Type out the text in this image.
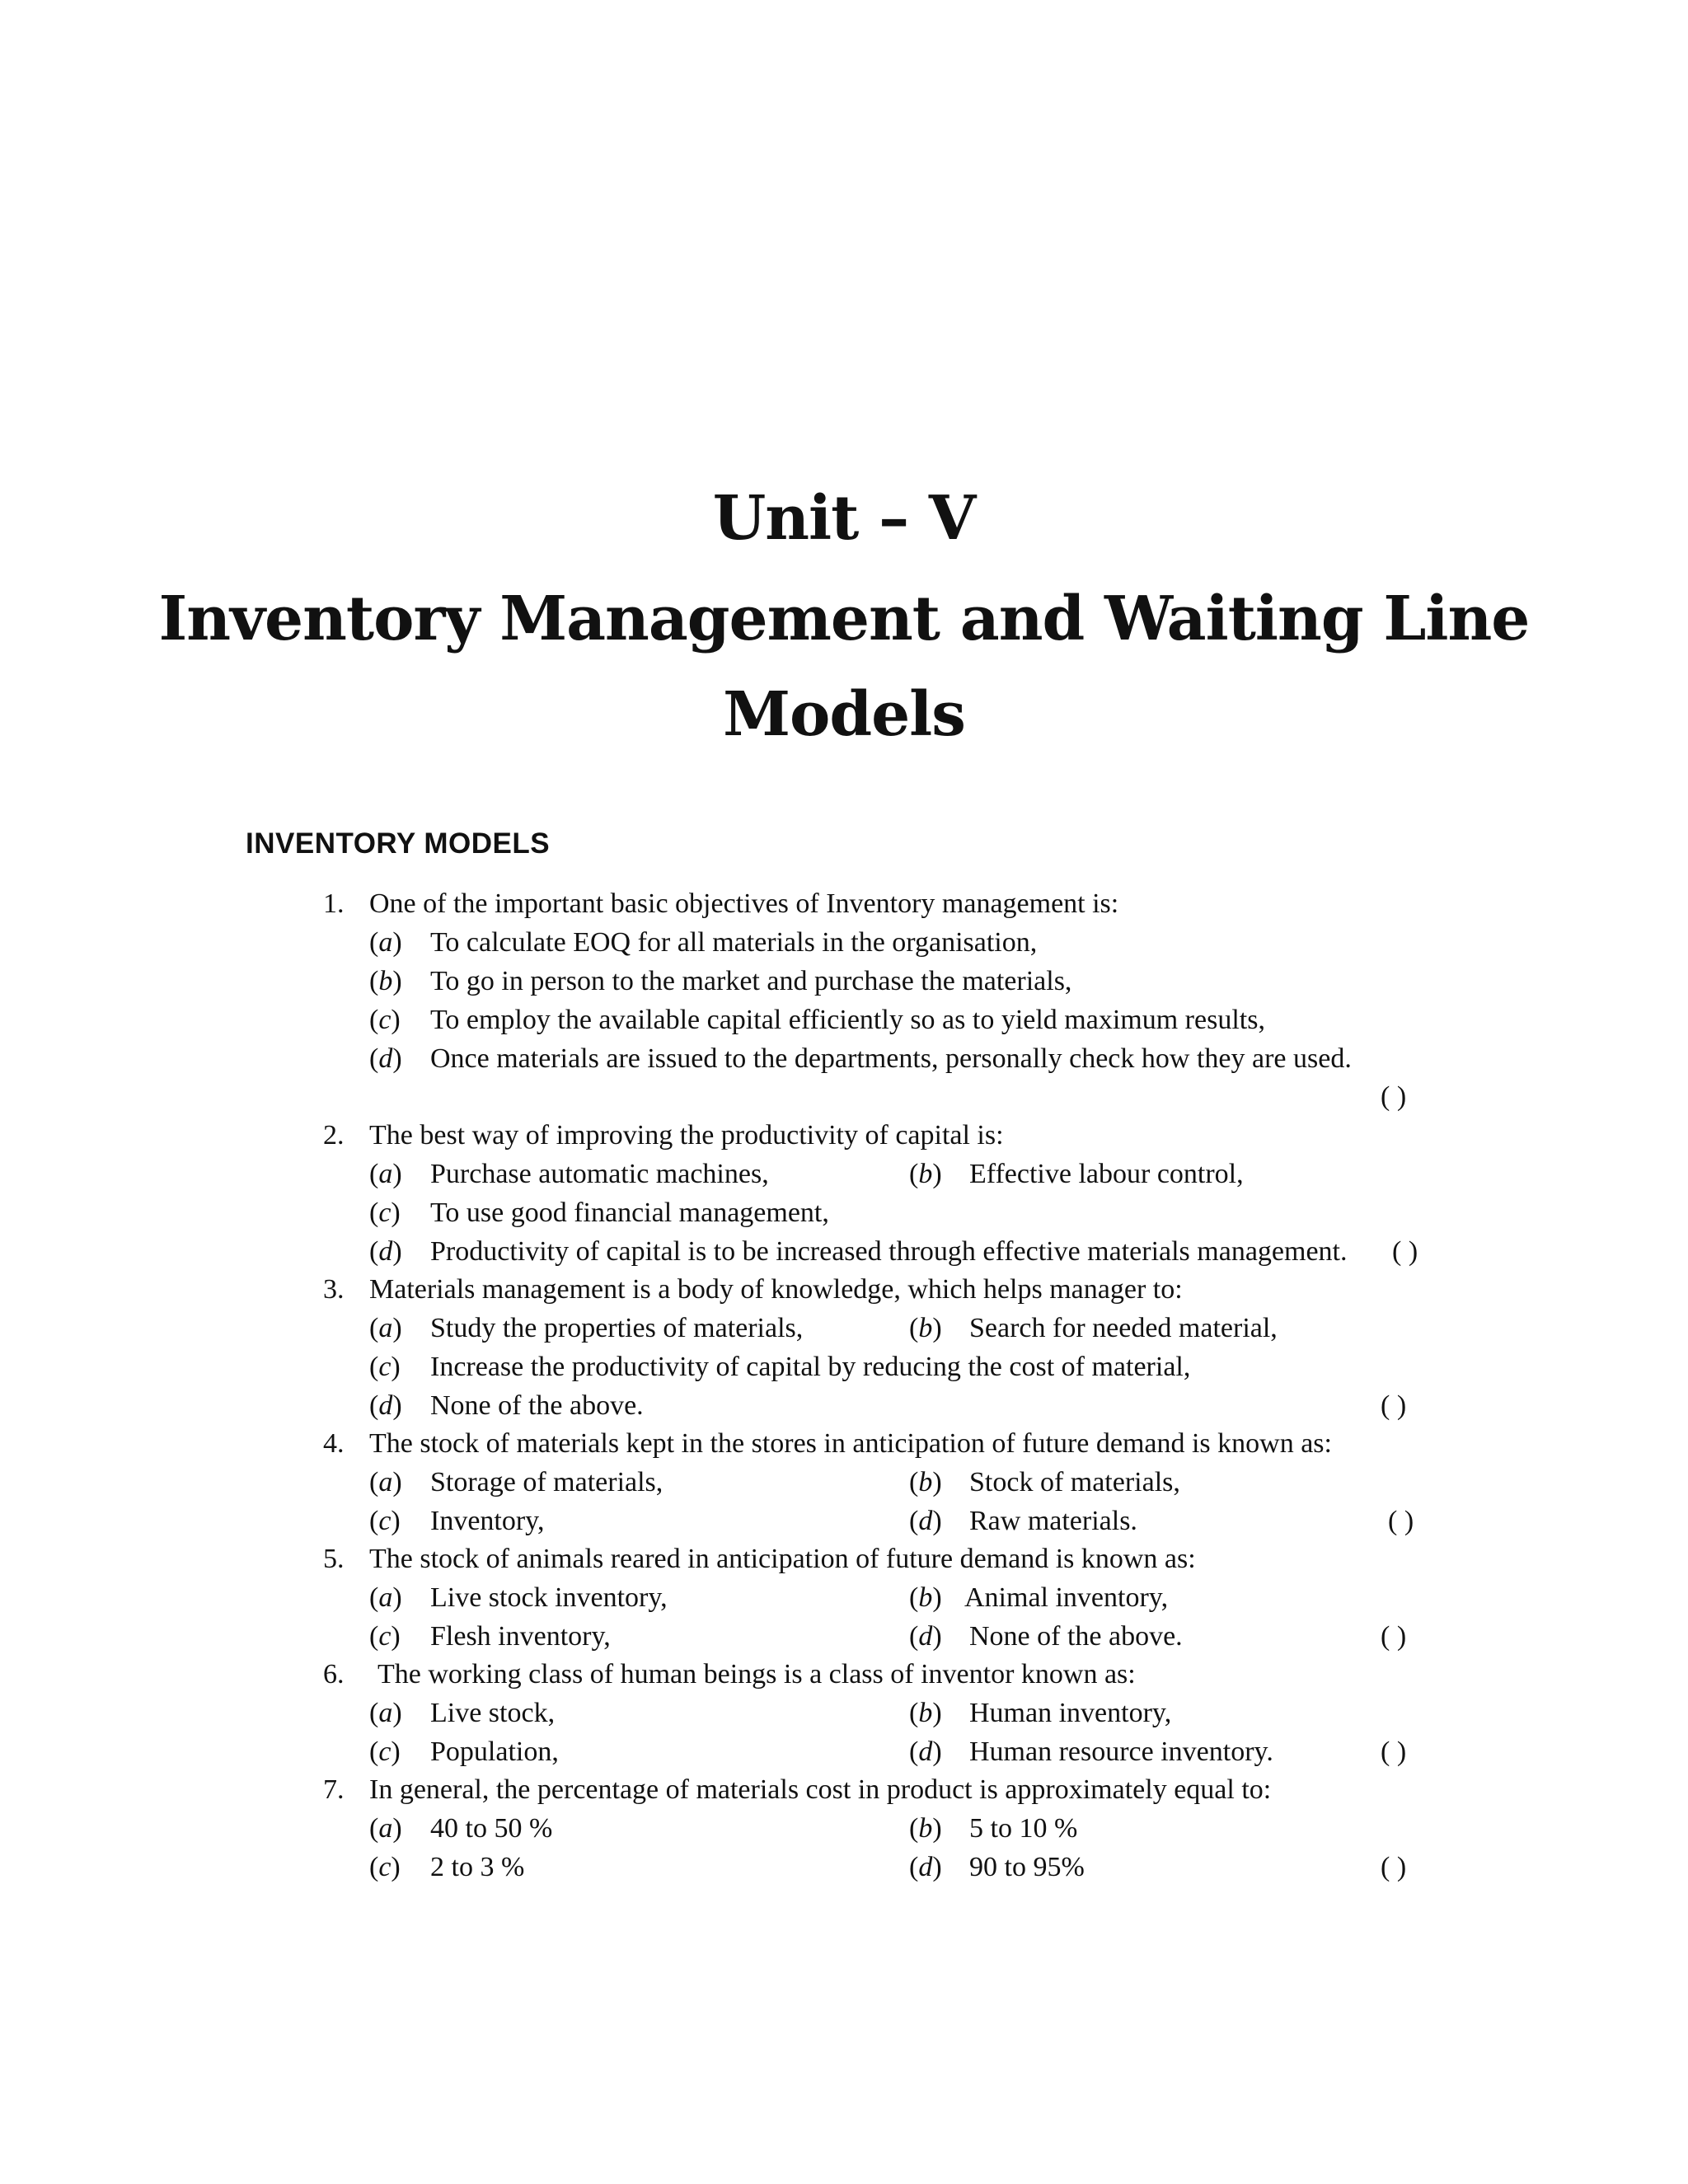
Unit – V
Inventory Management and Waiting Line
Models
INVENTORY MODELS
1. One of the important basic objectives of Inventory management is:
(a) To calculate EOQ for all materials in the organisation,
(b) To go in person to the market and purchase the materials,
(c) To employ the available capital efficiently so as to yield maximum results,
(d) Once materials are issued to the departments, personally check how they are used.
( )
2. The best way of improving the productivity of capital is:
(a) Purchase automatic machines,	(b) Effective labour control,
(c) To use good financial management,
(d) Productivity of capital is to be increased through effective materials management. ( )
3. Materials management is a body of knowledge, which helps manager to:
(a) Study the properties of materials,	(b) Search for needed material,
(c) Increase the productivity of capital by reducing the cost of material,
(d) None of the above.	( )
4. The stock of materials kept in the stores in anticipation of future demand is known as:
(a) Storage of materials,	(b) Stock of materials,
(c) Inventory,	(d) Raw materials.	( )
5. The stock of animals reared in anticipation of future demand is known as:
(a) Live stock inventory,	(b) Animal inventory,
(c) Flesh inventory,	(d) None of the above.	( )
6. The working class of human beings is a class of inventor known as:
(a) Live stock,	(b) Human inventory,
(c) Population,	(d) Human resource inventory.	( )
7. In general, the percentage of materials cost in product is approximately equal to:
(a) 40 to 50 %	(b) 5 to 10 %
(c) 2 to 3 %	(d) 90 to 95%	( )
